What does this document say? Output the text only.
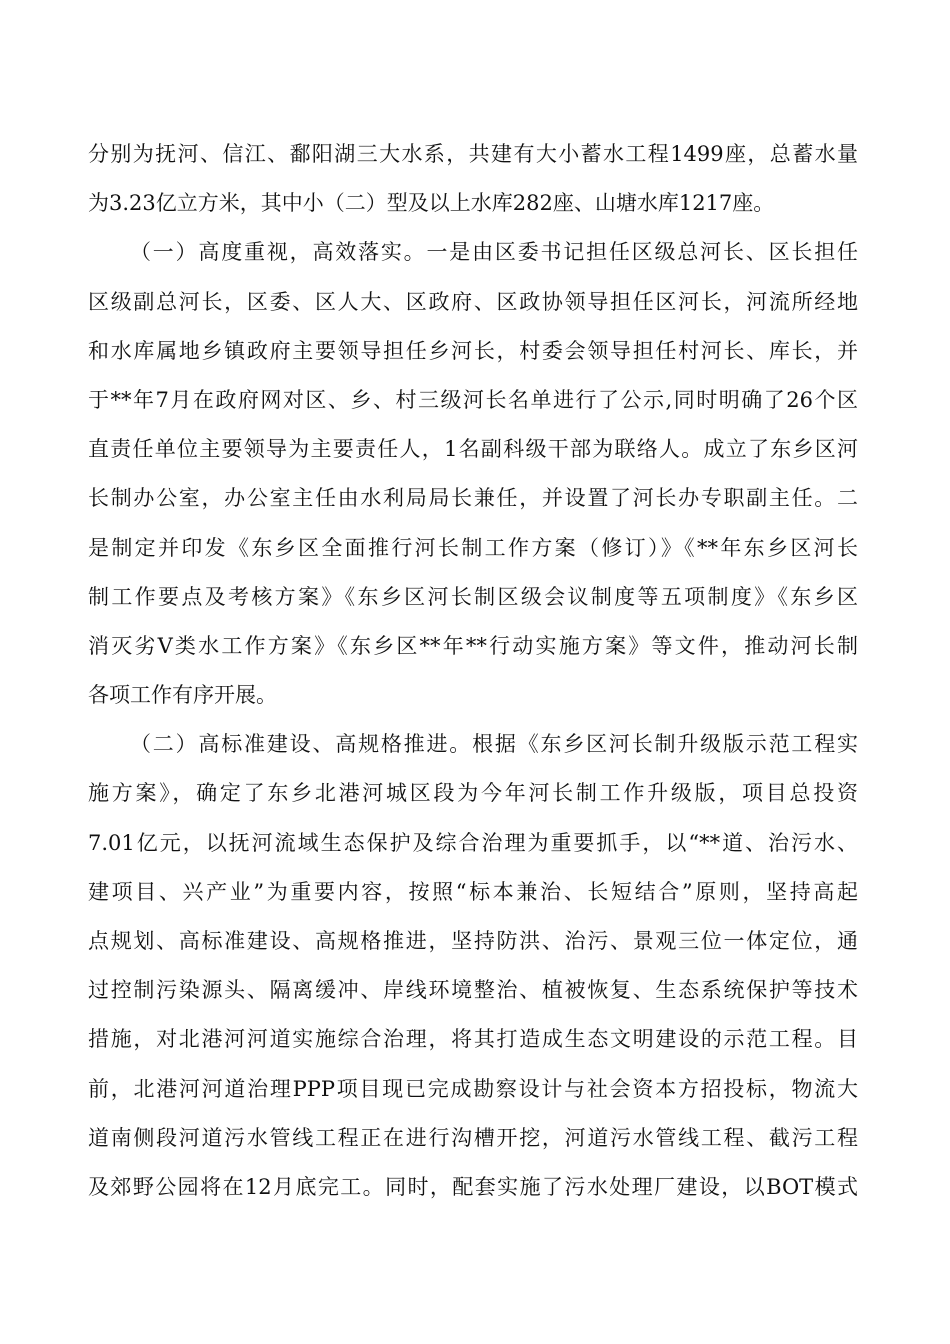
分别为抚河、信江、鄱阳湖三大水系，共建有大小蓄水工程1499座，总蓄水量
为3.23亿立方米，其中小（二）型及以上水库282座、山塘水库1217座。
（一）高度重视，高效落实。一是由区委书记担任区级总河长、区长担任
区级副总河长，区委、区人大、区政府、区政协领导担任区河长，河流所经地
和水库属地乡镇政府主要领导担任乡河长，村委会领导担任村河长、库长，并
于**年7月在政府网对区、乡、村三级河长名单进行了公示,同时明确了26个区
直责任单位主要领导为主要责任人，1名副科级干部为联络人。成立了东乡区河
长制办公室，办公室主任由水利局局长兼任，并设置了河长办专职副主任。二
是制定并印发《东乡区全面推行河长制工作方案（修订）》《**年东乡区河长
制工作要点及考核方案》《东乡区河长制区级会议制度等五项制度》《东乡区
消灭劣Ⅴ类水工作方案》《东乡区**年**行动实施方案》等文件，推动河长制
各项工作有序开展。
（二）高标准建设、高规格推进。根据《东乡区河长制升级版示范工程实
施方案》，确定了东乡北港河城区段为今年河长制工作升级版，项目总投资
7.01亿元，以抚河流域生态保护及综合治理为重要抓手，以“**道、治污水、
建项目、兴产业”为重要内容，按照“标本兼治、长短结合”原则，坚持高起
点规划、高标准建设、高规格推进，坚持防洪、治污、景观三位一体定位，通
过控制污染源头、隔离缓冲、岸线环境整治、植被恢复、生态系统保护等技术
措施，对北港河河道实施综合治理，将其打造成生态文明建设的示范工程。目
前，北港河河道治理PPP项目现已完成勘察设计与社会资本方招投标，物流大
道南侧段河道污水管线工程正在进行沟槽开挖，河道污水管线工程、截污工程
及郊野公园将在12月底完工。同时，配套实施了污水处理厂建设，以BOT模式
